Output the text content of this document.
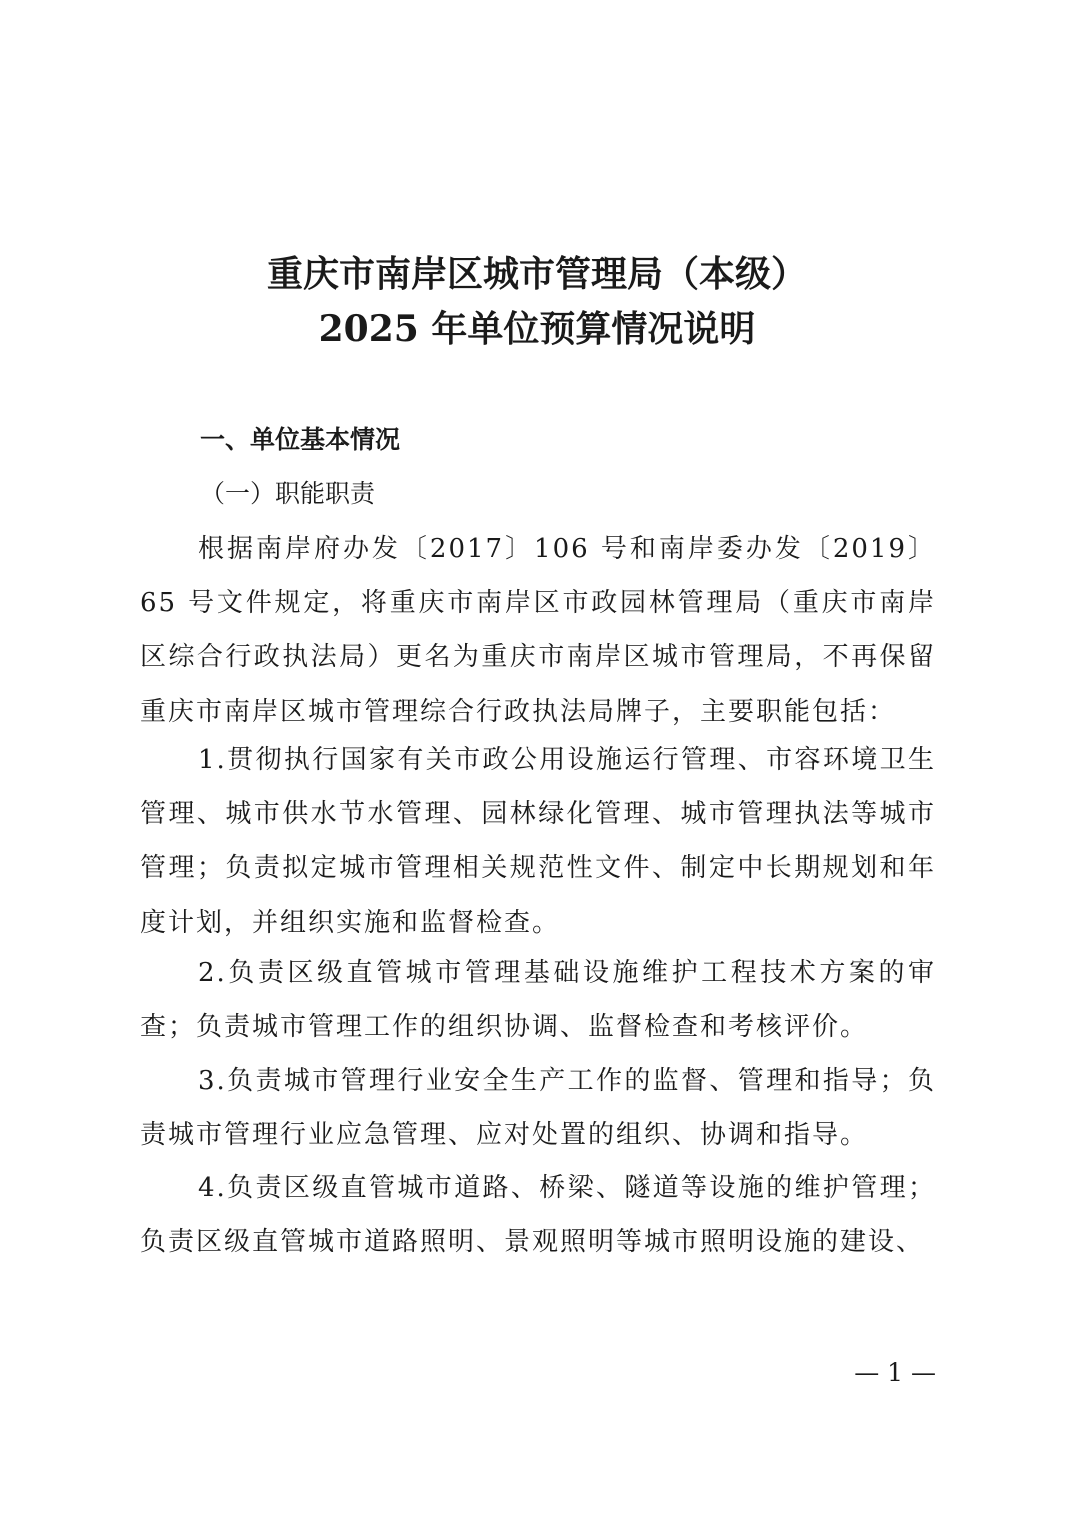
重庆市南岸区城市管理局（本级）
2025 年单位预算情况说明
一、单位基本情况
（一）职能职责

根据南岸府办发〔2017〕106 号和南岸委办发〔2019〕65 号文件规定，将重庆市南岸区市政园林管理局（重庆市南岸区综合行政执法局）更名为重庆市南岸区城市管理局，不再保留重庆市南岸区城市管理综合行政执法局牌子，主要职能包括：

1.贯彻执行国家有关市政公用设施运行管理、市容环境卫生管理、城市供水节水管理、园林绿化管理、城市管理执法等城市管理；负责拟定城市管理相关规范性文件、制定中长期规划和年度计划，并组织实施和监督检查。

2.负责区级直管城市管理基础设施维护工程技术方案的审查；负责城市管理工作的组织协调、监督检查和考核评价。

3.负责城市管理行业安全生产工作的监督、管理和指导；负责城市管理行业应急管理、应对处置的组织、协调和指导。

4.负责区级直管城市道路、桥梁、隧道等设施的维护管理；负责区级直管城市道路照明、景观照明等城市照明设施的建设、

— 1 —
